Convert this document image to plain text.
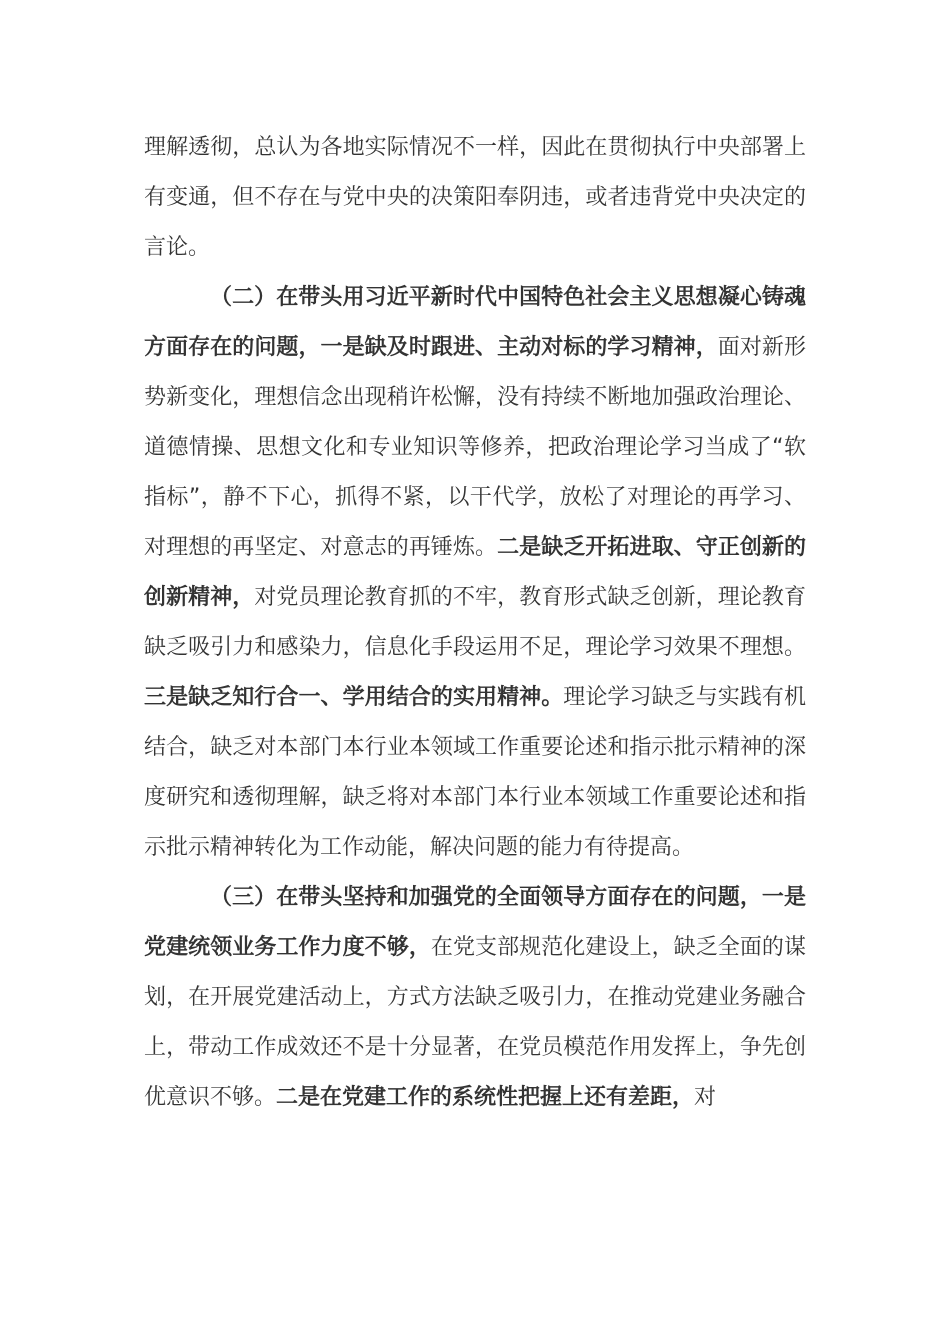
理解透彻，总认为各地实际情况不一样，因此在贯彻执行中央部署上有变通，但不存在与党中央的决策阳奉阴违，或者违背党中央决定的言论。

（二）在带头用习近平新时代中国特色社会主义思想凝心铸魂方面存在的问题，一是缺及时跟进、主动对标的学习精神，面对新形势新变化，理想信念出现稍许松懈，没有持续不断地加强政治理论、道德情操、思想文化和专业知识等修养，把政治理论学习当成了“软指标”，静不下心，抓得不紧，以干代学，放松了对理论的再学习、对理想的再坚定、对意志的再锤炼。二是缺乏开拓进取、守正创新的创新精神，对党员理论教育抓的不牢，教育形式缺乏创新，理论教育缺乏吸引力和感染力，信息化手段运用不足，理论学习效果不理想。三是缺乏知行合一、学用结合的实用精神。理论学习缺乏与实践有机结合，缺乏对本部门本行业本领域工作重要论述和指示批示精神的深度研究和透彻理解，缺乏将对本部门本行业本领域工作重要论述和指示批示精神转化为工作动能，解决问题的能力有待提高。

（三）在带头坚持和加强党的全面领导方面存在的问题，一是党建统领业务工作力度不够，在党支部规范化建设上，缺乏全面的谋划，在开展党建活动上，方式方法缺乏吸引力，在推动党建业务融合上，带动工作成效还不是十分显著，在党员模范作用发挥上，争先创优意识不够。二是在党建工作的系统性把握上还有差距，对
